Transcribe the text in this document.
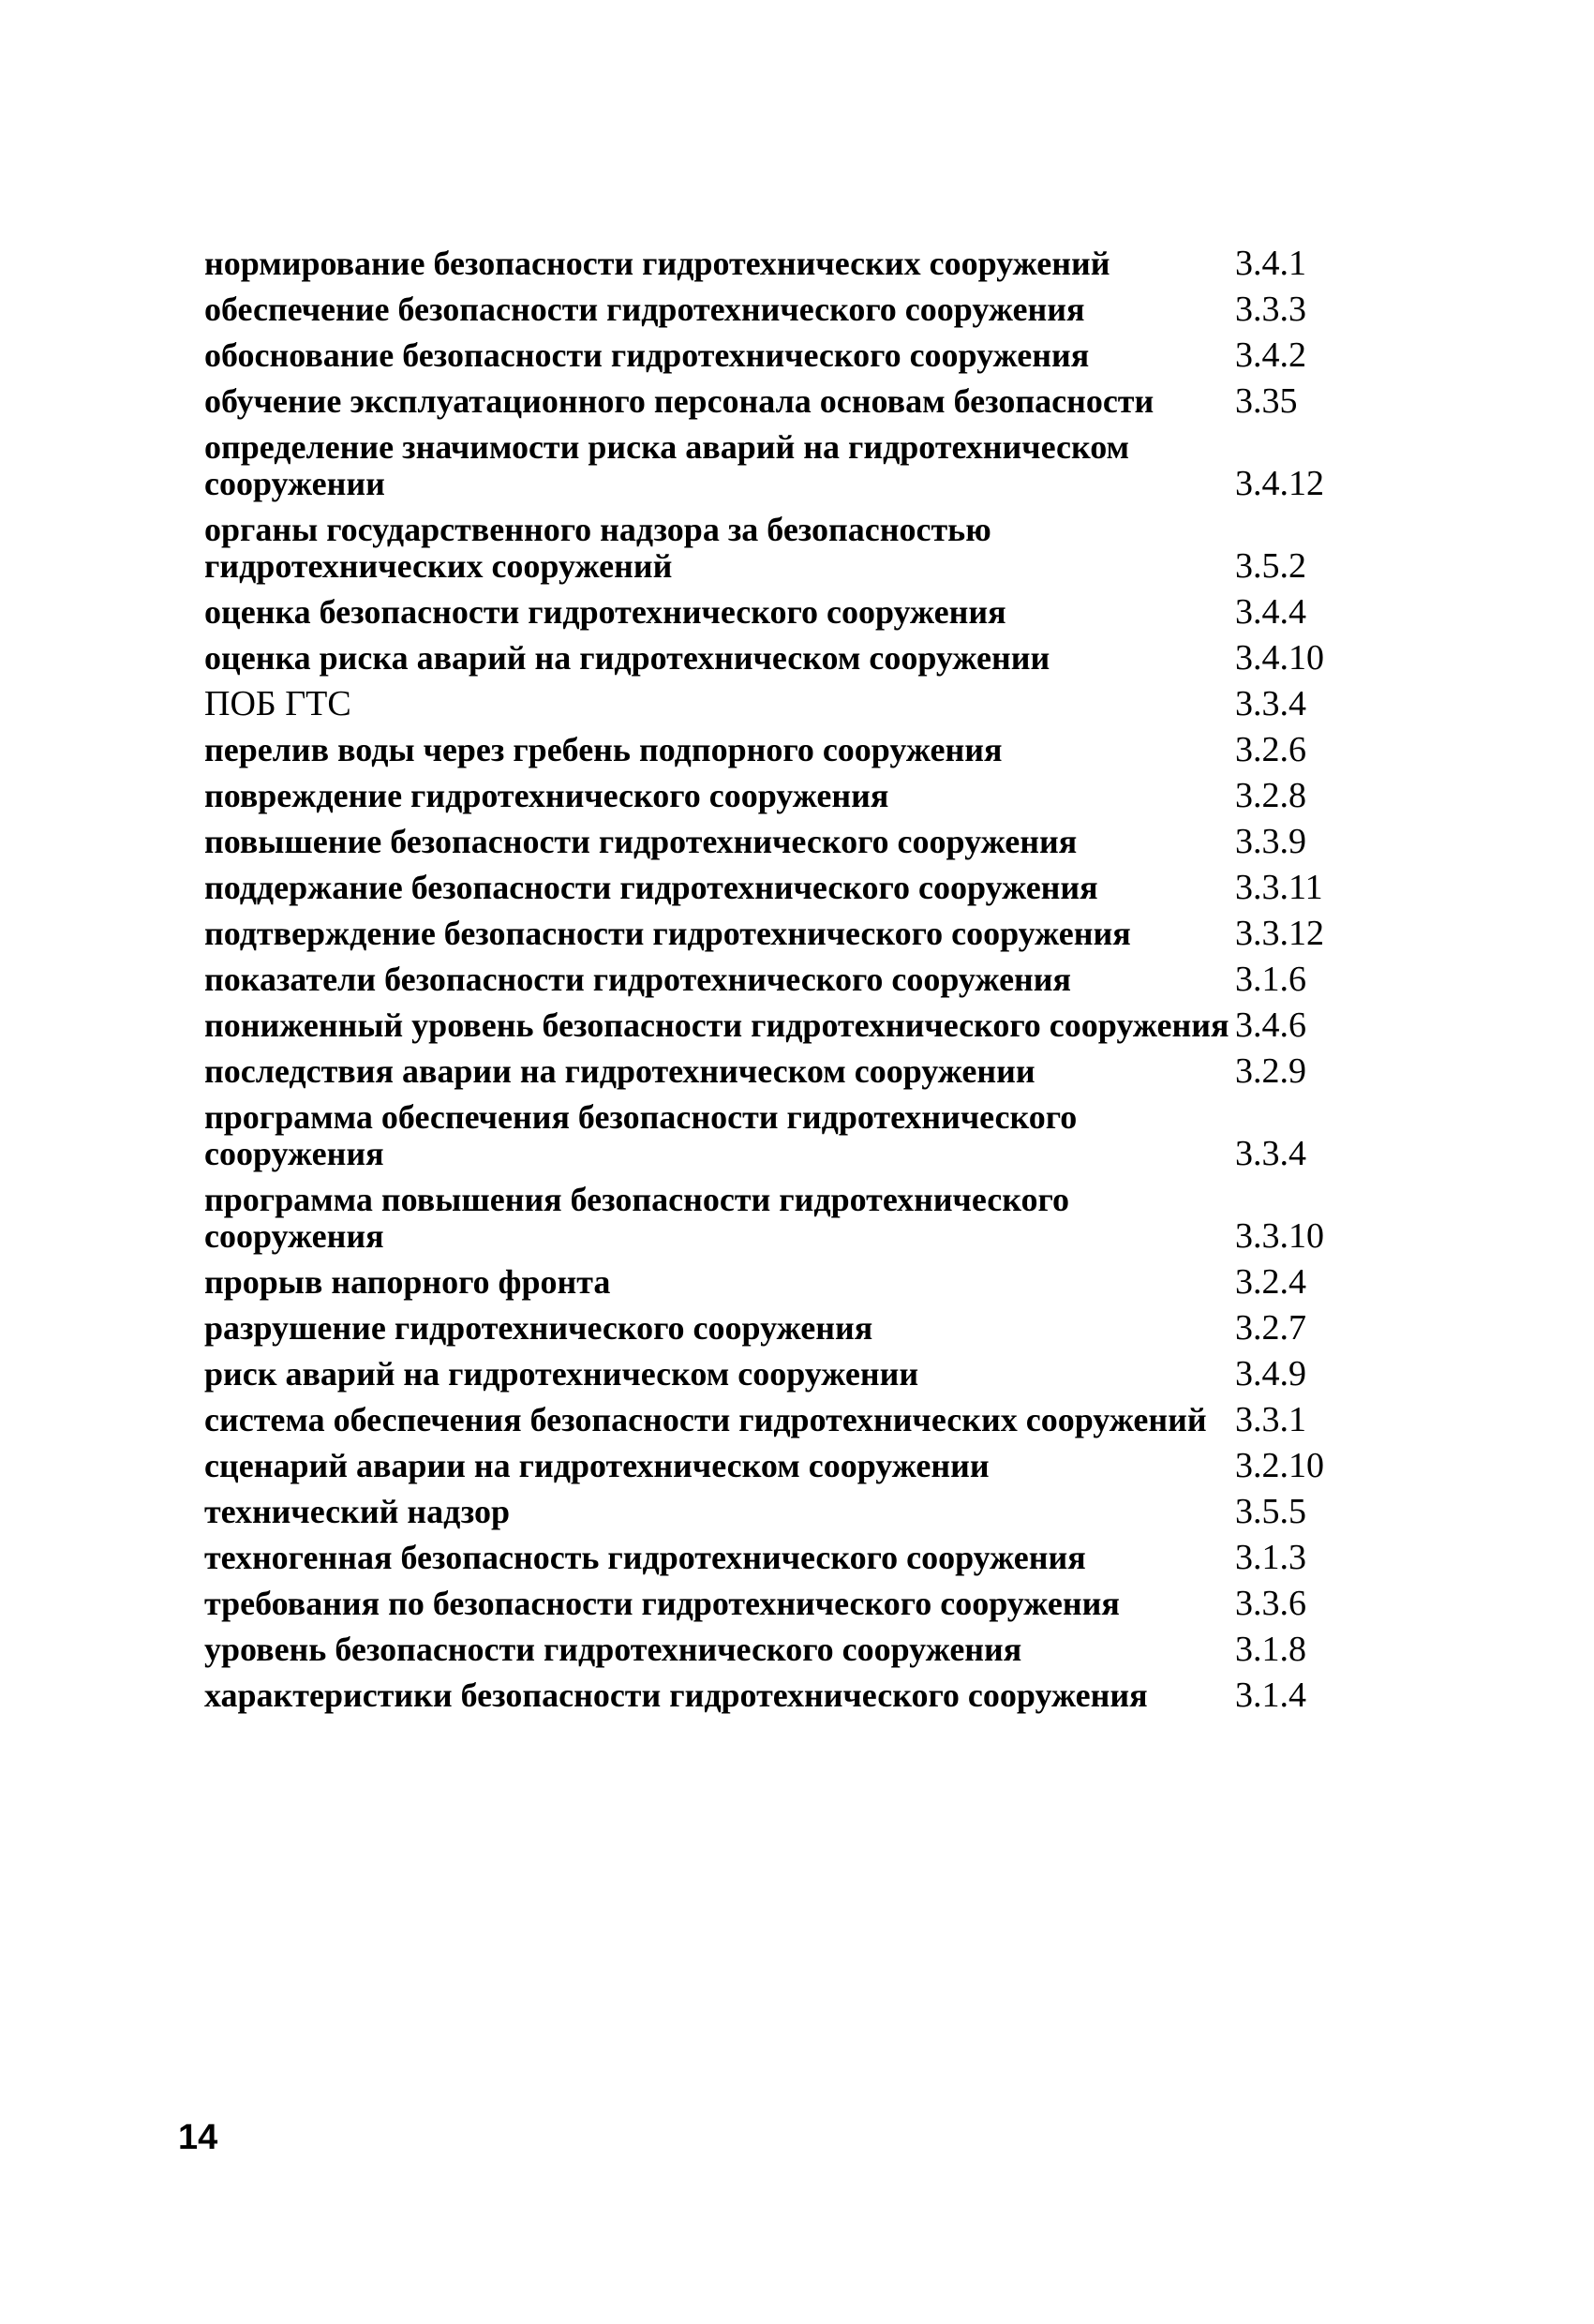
нормирование безопасности гидротехнических сооружений	3.4.1
обеспечение безопасности гидротехнического сооружения	3.3.3
обоснование безопасности гидротехнического сооружения	3.4.2
обучение эксплуатационного персонала основам безопасности	3.35
определение значимости риска аварий на гидротехническом сооружении	3.4.12
органы государственного надзора за безопасностью гидротехнических сооружений	3.5.2
оценка безопасности гидротехнического сооружения	3.4.4
оценка риска аварий на гидротехническом сооружении	3.4.10
ПОБ ГТС	3.3.4
перелив воды через гребень подпорного сооружения	3.2.6
повреждение гидротехнического сооружения	3.2.8
повышение безопасности гидротехнического сооружения	3.3.9
поддержание безопасности гидротехнического сооружения	3.3.11
подтверждение безопасности гидротехнического сооружения	3.3.12
показатели безопасности гидротехнического сооружения	3.1.6
пониженный уровень безопасности гидротехнического сооружения 3.4.6
последствия аварии на гидротехническом сооружении	3.2.9
программа обеспечения безопасности гидротехнического сооружения	3.3.4
программа повышения безопасности гидротехнического сооружения	3.3.10
прорыв напорного фронта	3.2.4
разрушение гидротехнического сооружения	3.2.7
риск аварий на гидротехническом сооружении	3.4.9
система обеспечения безопасности гидротехнических сооружений 3.3.1
сценарий аварии на гидротехническом сооружении	3.2.10
технический надзор	3.5.5
техногенная безопасность гидротехнического сооружения	3.1.3
требования по безопасности гидротехнического сооружения	3.3.6
уровень безопасности гидротехнического сооружения	3.1.8
характеристики безопасности гидротехнического сооружения	3.1.4
14
